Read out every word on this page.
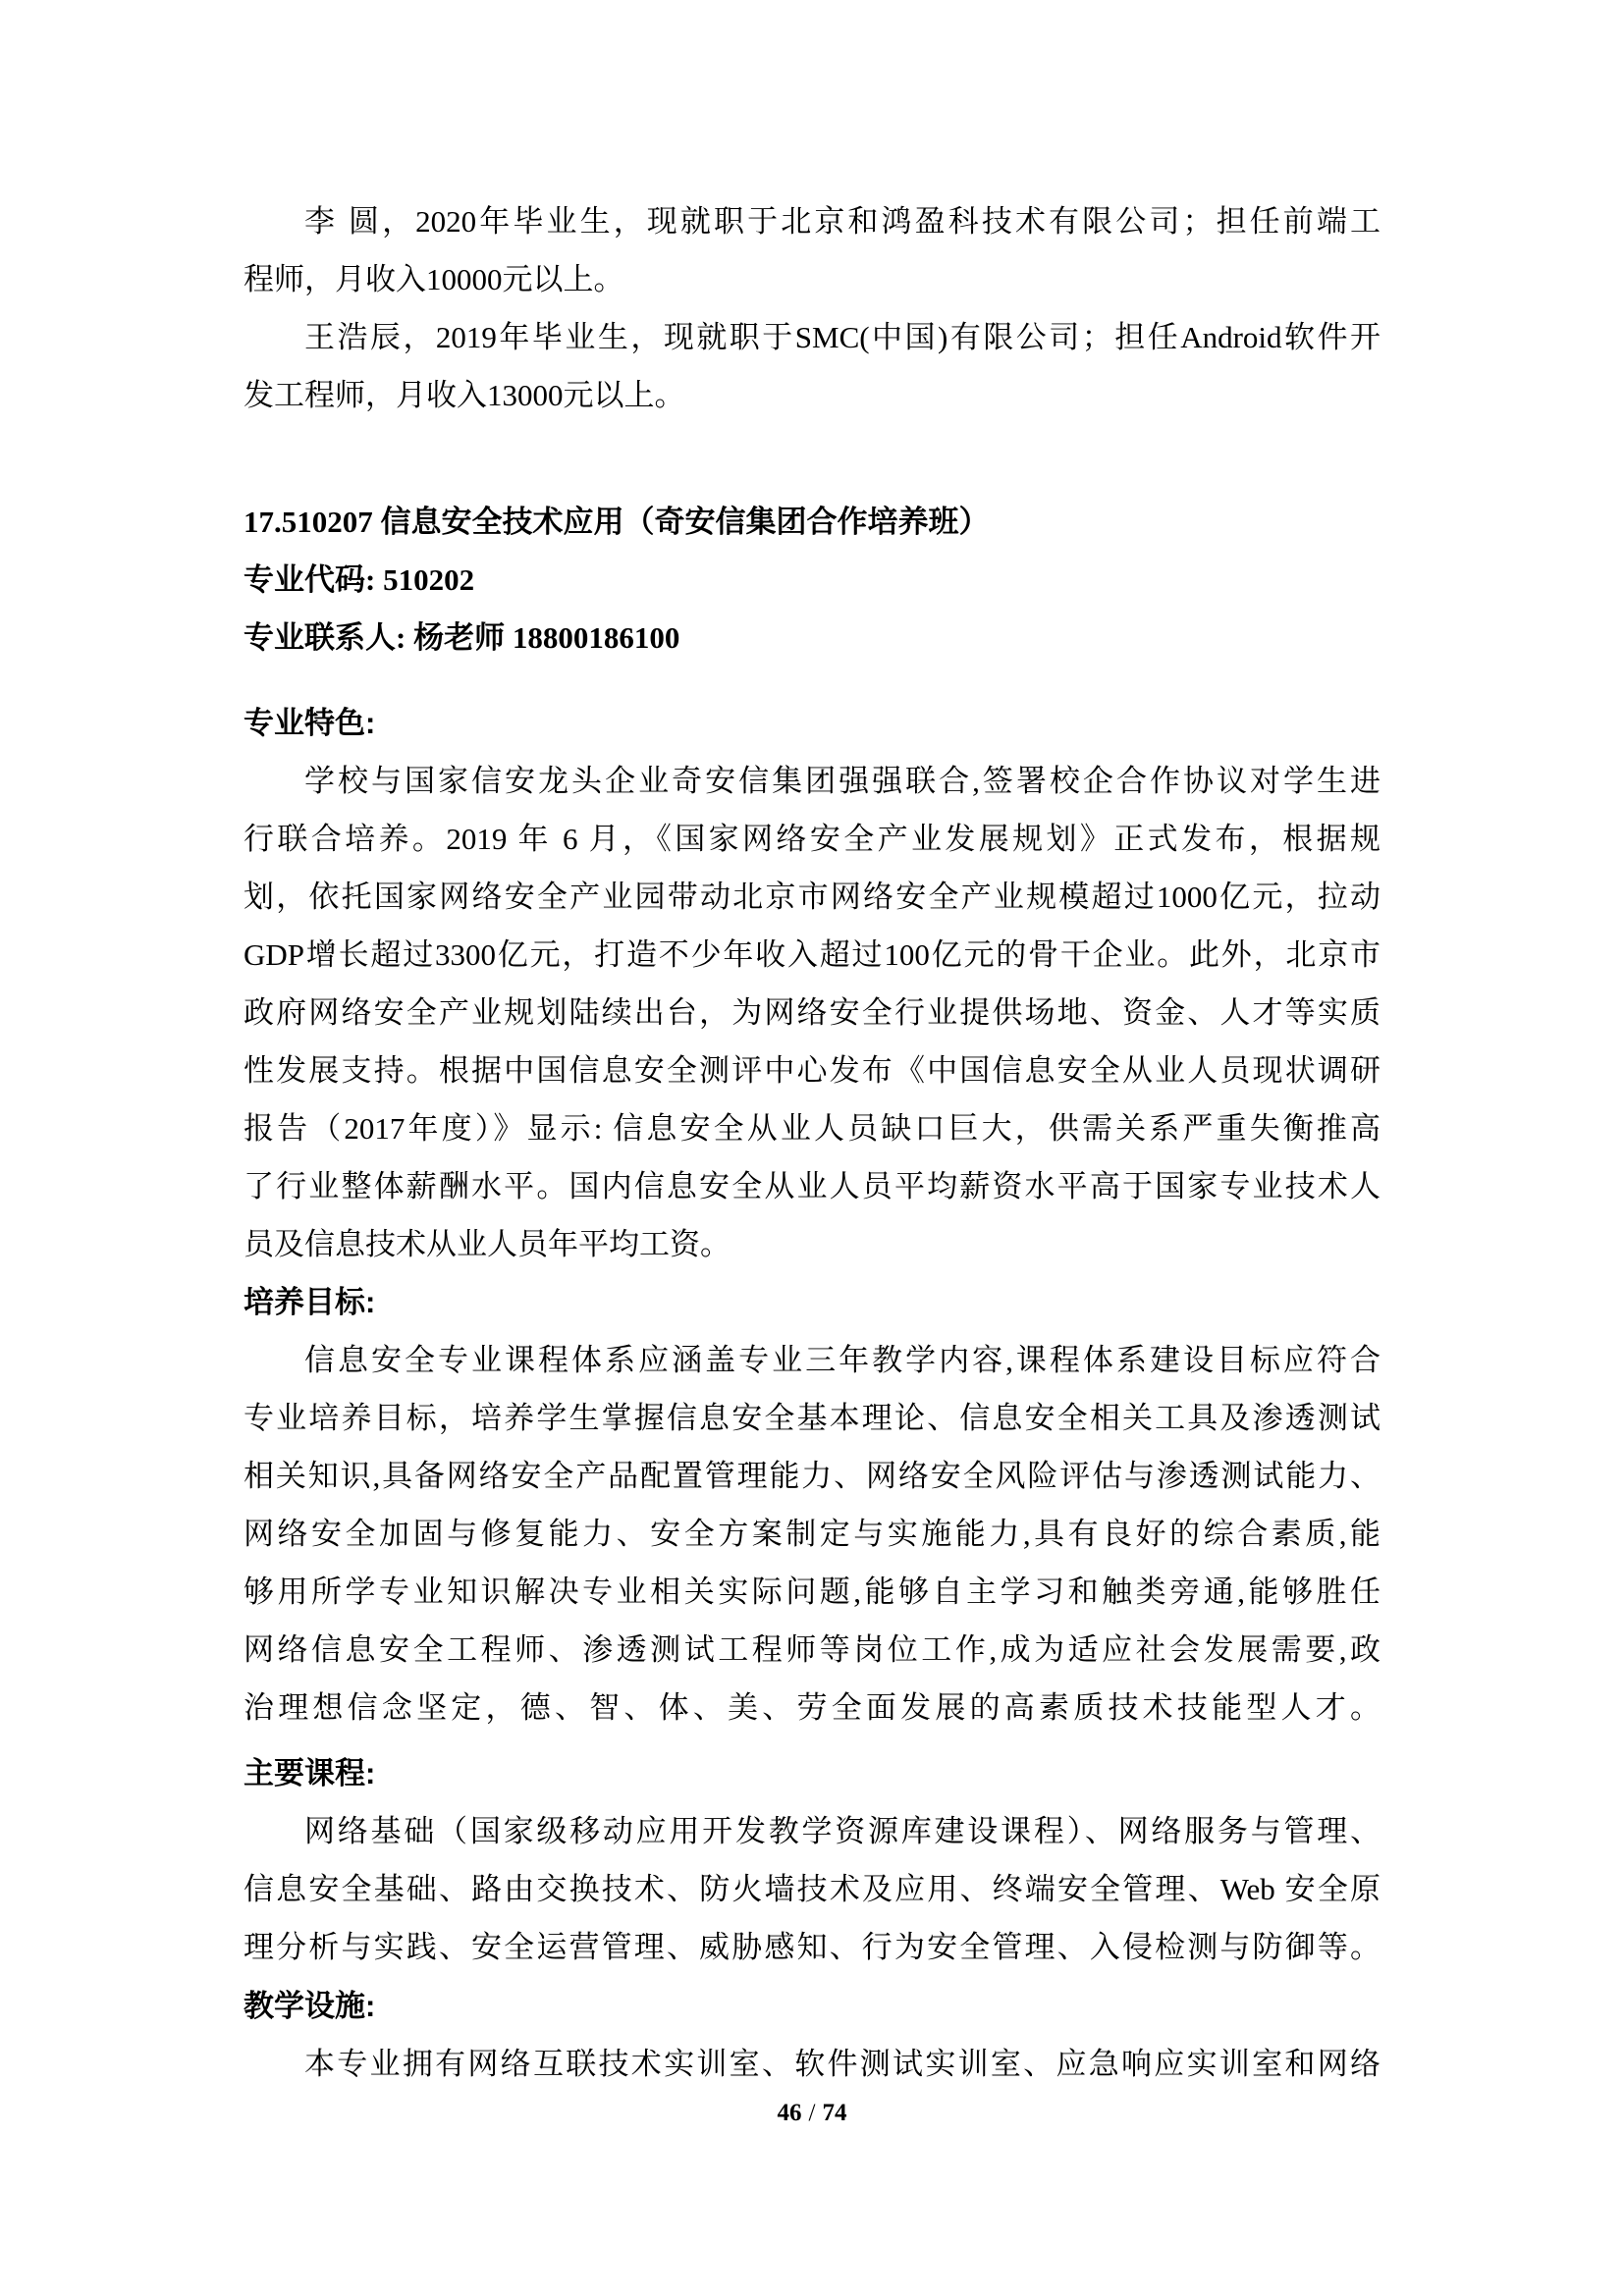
李 圆，2020年毕业生，现就职于北京和鸿盈科技术有限公司；担任前端工
程师，月收入10000元以上。
王浩辰，2019年毕业生，现就职于SMC(中国)有限公司；担任Android软件开
发工程师，月收入13000元以上。
17.510207 信息安全技术应用（奇安信集团合作培养班）
专业代码: 510202
专业联系人: 杨老师 18800186100
专业特色:
学校与国家信安龙头企业奇安信集团强强联合,签署校企合作协议对学生进
行联合培养。2019 年 6 月，《国家网络安全产业发展规划》正式发布，根据规
划，依托国家网络安全产业园带动北京市网络安全产业规模超过1000亿元，拉动
GDP增长超过3300亿元，打造不少年收入超过100亿元的骨干企业。此外，北京市
政府网络安全产业规划陆续出台，为网络安全行业提供场地、资金、人才等实质
性发展支持。根据中国信息安全测评中心发布《中国信息安全从业人员现状调研
报告（2017年度）》显示: 信息安全从业人员缺口巨大，供需关系严重失衡推高
了行业整体薪酬水平。国内信息安全从业人员平均薪资水平高于国家专业技术人
员及信息技术从业人员年平均工资。
培养目标:
信息安全专业课程体系应涵盖专业三年教学内容,课程体系建设目标应符合
专业培养目标，培养学生掌握信息安全基本理论、信息安全相关工具及渗透测试
相关知识,具备网络安全产品配置管理能力、网络安全风险评估与渗透测试能力、
网络安全加固与修复能力、安全方案制定与实施能力,具有良好的综合素质,能
够用所学专业知识解决专业相关实际问题,能够自主学习和触类旁通,能够胜任
网络信息安全工程师、渗透测试工程师等岗位工作,成为适应社会发展需要,政
治理想信念坚定，德、智、体、美、劳全面发展的高素质技术技能型人才。
主要课程:
网络基础（国家级移动应用开发教学资源库建设课程）、网络服务与管理、
信息安全基础、路由交换技术、防火墙技术及应用、终端安全管理、Web 安全原
理分析与实践、安全运营管理、威胁感知、行为安全管理、入侵检测与防御等。
教学设施:
本专业拥有网络互联技术实训室、软件测试实训室、应急响应实训室和网络
46 / 74
